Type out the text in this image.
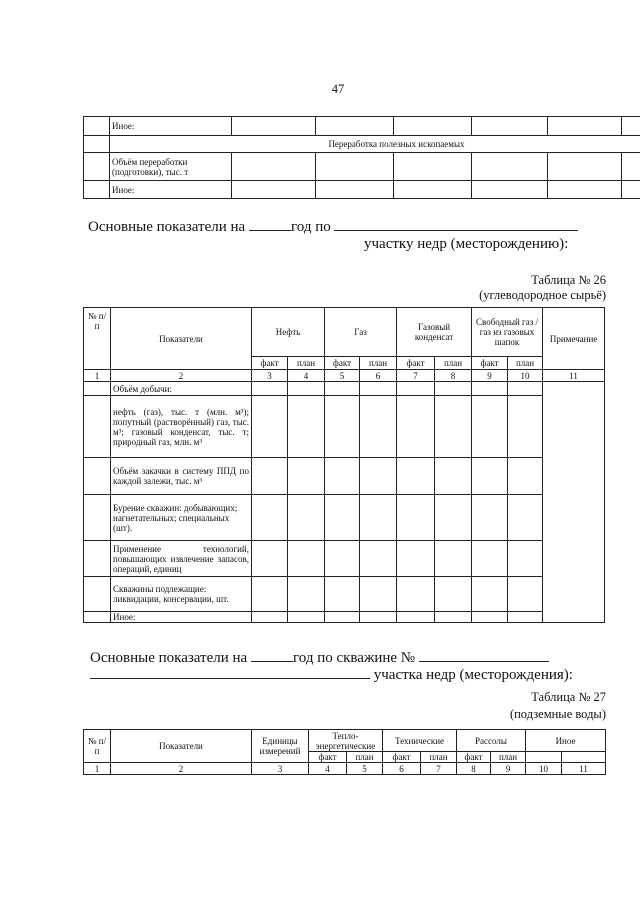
47
	Иное:						
	Переработка полезных ископаемых						
	Объём переработки (подготовки), тыс. т						
	Иное:						
Основные показатели на	год по
участку недр (месторождению):
Таблица № 26
(углеводородное сырьё)
№ п/п	Показатели	Нефть		Газ		Газовый конденсат		Свободный газ / газ из газовых шапок		Примечание
		факт	план	факт	план	факт	план	факт	план	
1	2	3	4	5	6	7	8	9	10	11
	Объём добычи:									
	нефть (газ), тыс. т (млн. м³); попутный (растворённый) газ, тыс. м³; газовый конденсат, тыс. т; природный газ, млн. м³									
	Объём закачки в систему ППД по каждой залежи, тыс. м³									
	Бурение скважин: добывающих; нагнетательных; специальных (шт).									
	Применение технологий, повышающих извлечение запасов, операций, единиц									
	Скважины подлежащие: ликвидации, консервации, шт.									
	Иное:									
Основные показатели на	год по скважине №
участка недр (месторождения):
Таблица № 27
(подземные воды)
№ п/п	Показатели	Единицы измерений	Тепло-энергетические		Технические		Рассолы		Иное	
			факт	план	факт	план	факт	план		
1	2	3	4	5	6	7	8	9	10	11
